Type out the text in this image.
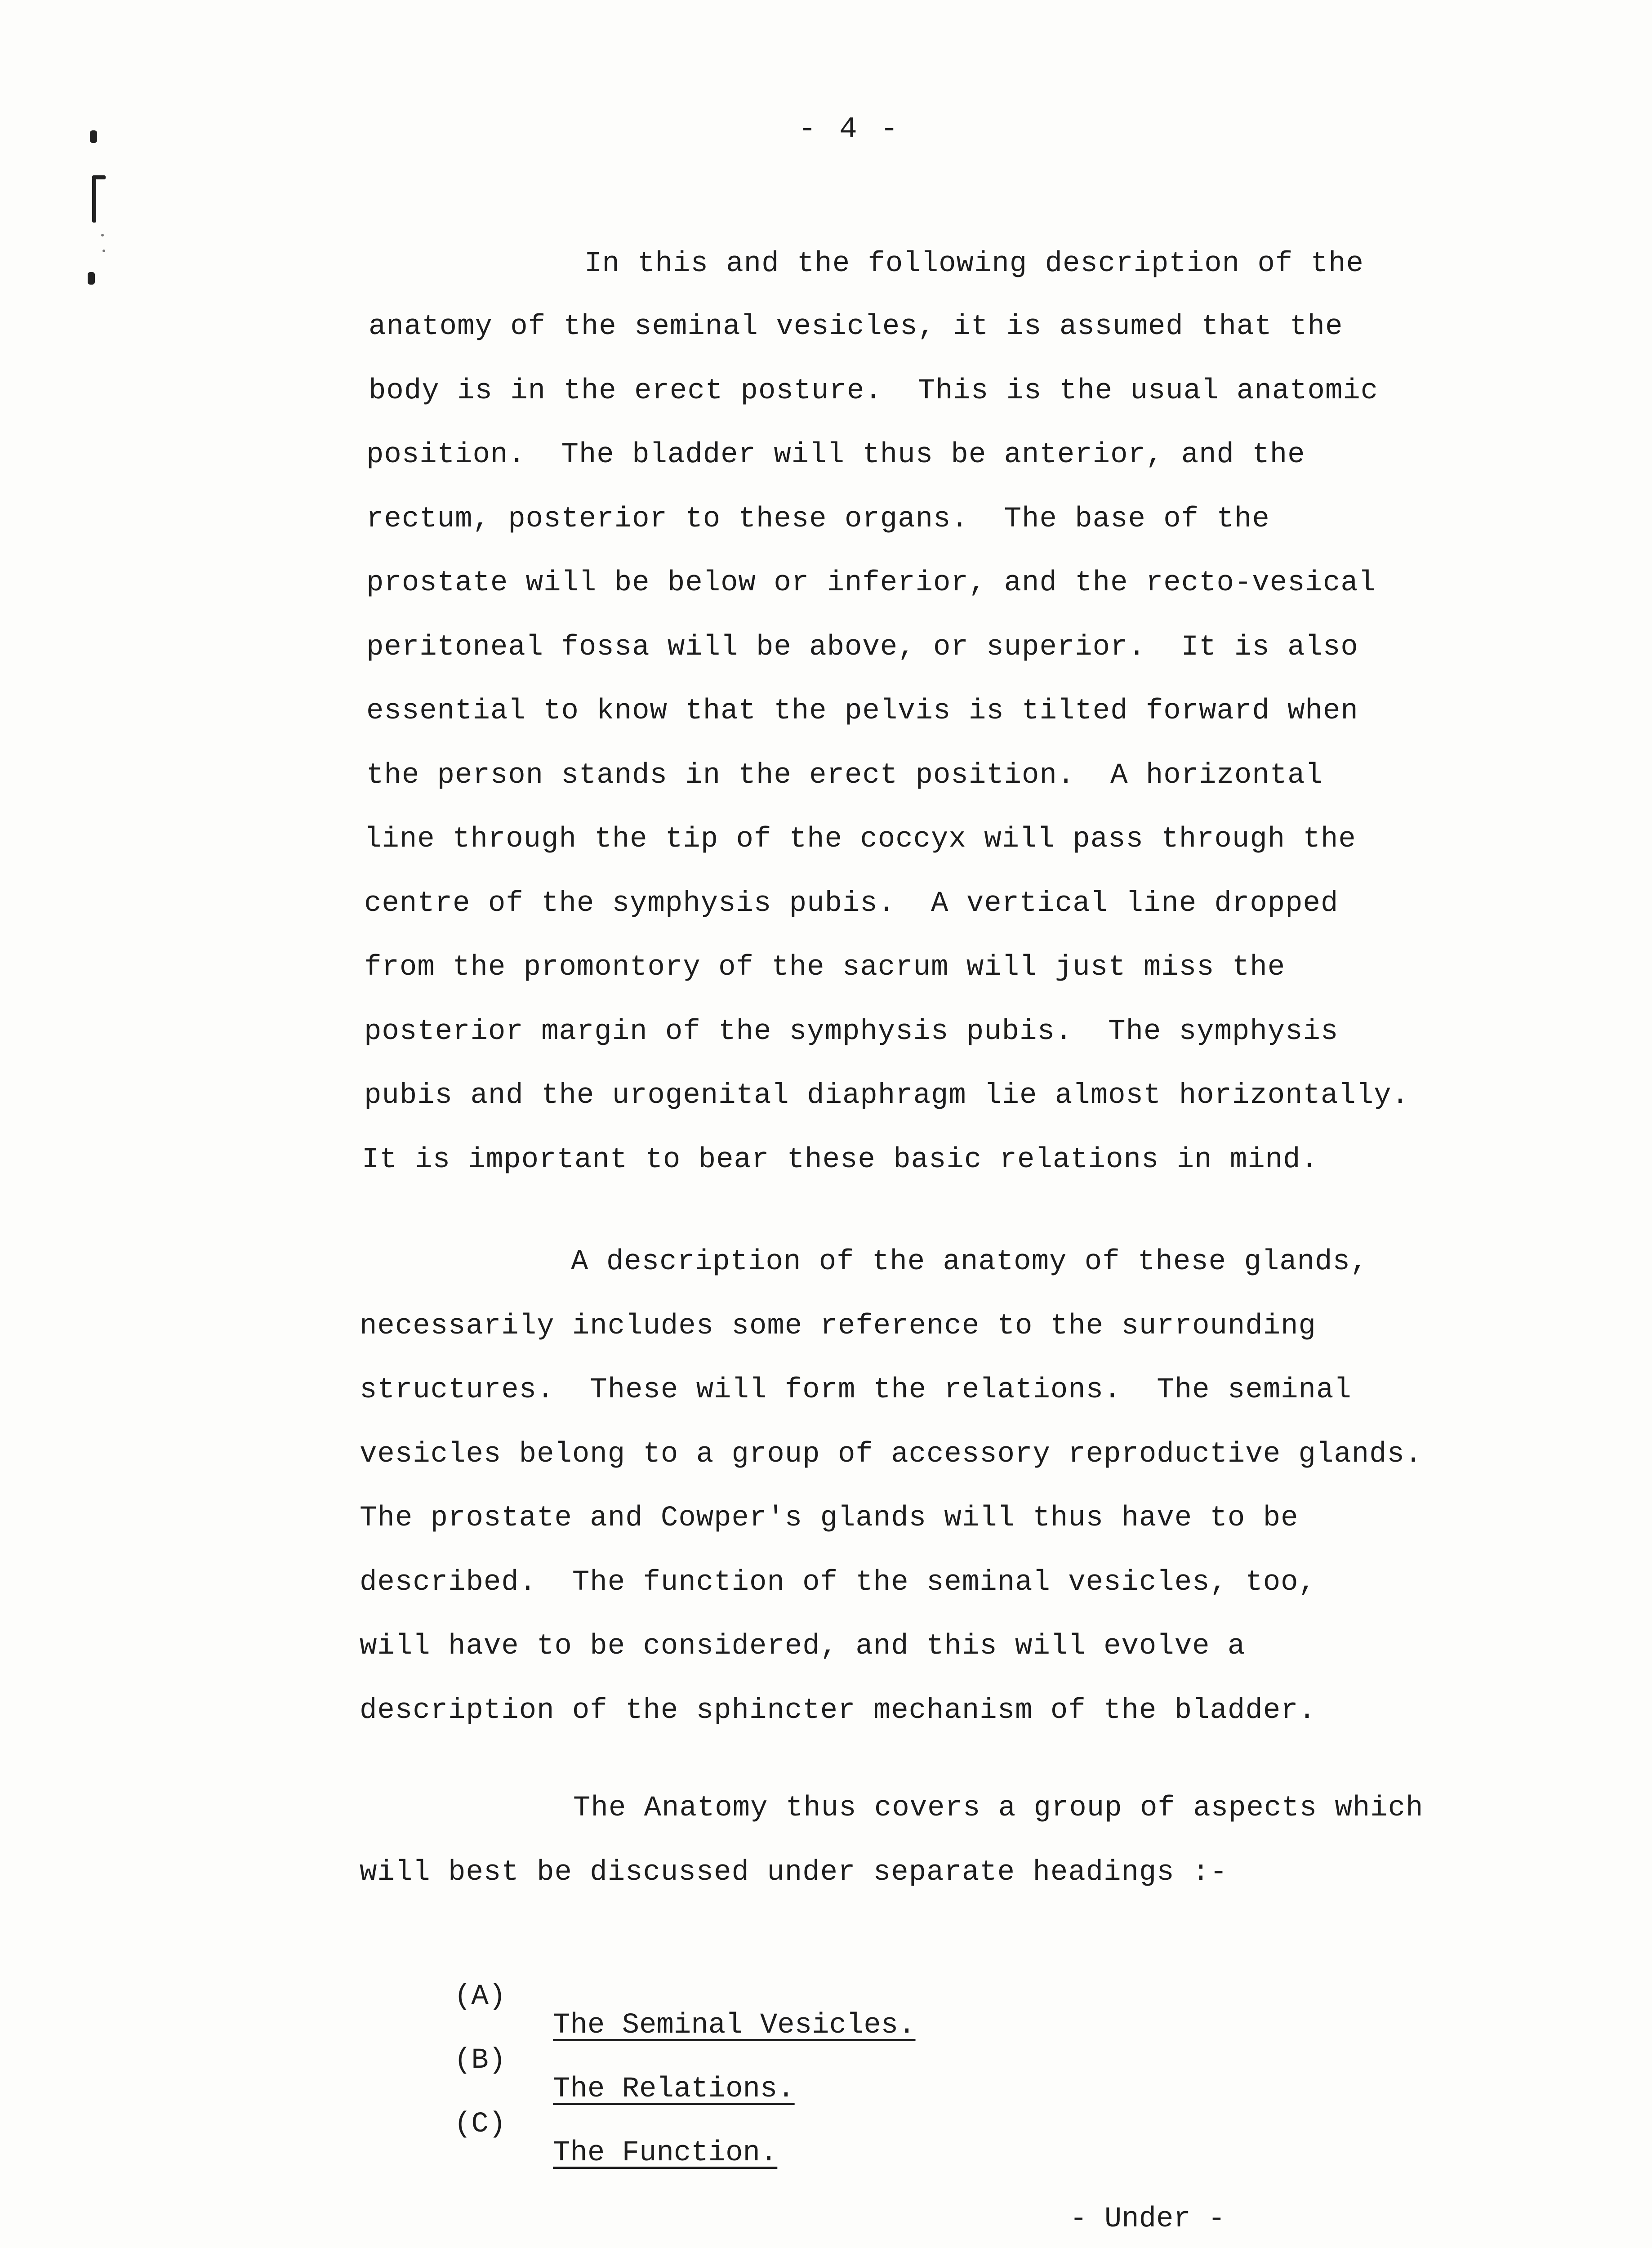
- 4 -
In this and the following description of the
anatomy of the seminal vesicles, it is assumed that the
body is in the erect posture.  This is the usual anatomic
position.  The bladder will thus be anterior, and the
rectum, posterior to these organs.  The base of the
prostate will be below or inferior, and the recto-vesical
peritoneal fossa will be above, or superior.  It is also
essential to know that the pelvis is tilted forward when
the person stands in the erect position.  A horizontal
line through the tip of the coccyx will pass through the
centre of the symphysis pubis.  A vertical line dropped
from the promontory of the sacrum will just miss the
posterior margin of the symphysis pubis.  The symphysis
pubis and the urogenital diaphragm lie almost horizontally.
It is important to bear these basic relations in mind.
A description of the anatomy of these glands,
necessarily includes some reference to the surrounding
structures.  These will form the relations.  The seminal
vesicles belong to a group of accessory reproductive glands.
The prostate and Cowper's glands will thus have to be
described.  The function of the seminal vesicles, too,
will have to be considered, and this will evolve a
description of the sphincter mechanism of the bladder.
The Anatomy thus covers a group of aspects which
will best be discussed under separate headings :-

(A)

The Seminal Vesicles.

(B)

The Relations.

(C)

The Function.

- Under -
